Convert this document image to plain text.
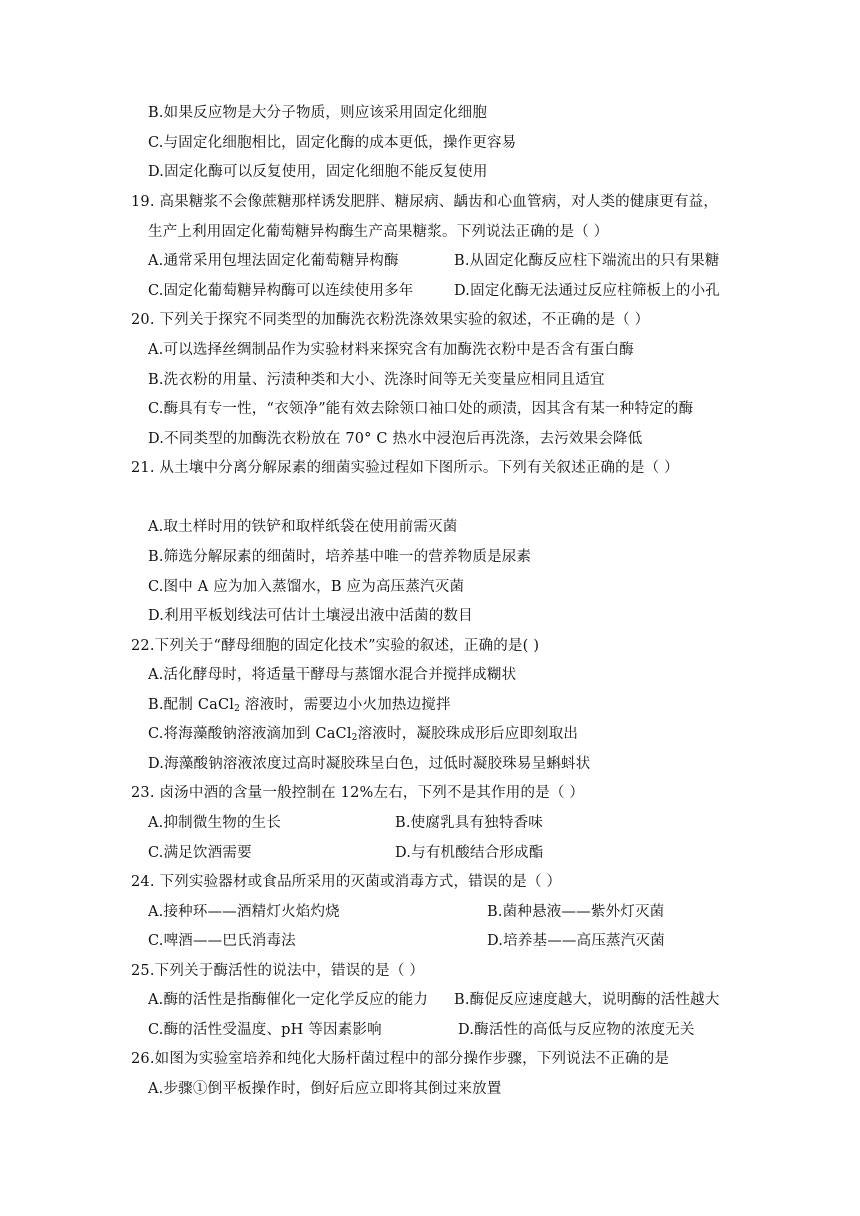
B.如果反应物是大分子物质，则应该采用固定化细胞
C.与固定化细胞相比，固定化酶的成本更低，操作更容易
D.固定化酶可以反复使用，固定化细胞不能反复使用
19. 高果糖浆不会像蔗糖那样诱发肥胖、糖尿病、龋齿和心血管病，对人类的健康更有益，
生产上利用固定化葡萄糖异构酶生产高果糖浆。下列说法正确的是（ ）
A.通常采用包埋法固定化葡萄糖异构酶	B.从固定化酶反应柱下端流出的只有果糖
C.固定化葡萄糖异构酶可以连续使用多年	D.固定化酶无法通过反应柱筛板上的小孔
20. 下列关于探究不同类型的加酶洗衣粉洗涤效果实验的叙述，不正确的是（ ）
A.可以选择丝绸制品作为实验材料来探究含有加酶洗衣粉中是否含有蛋白酶
B.洗衣粉的用量、污渍种类和大小、洗涤时间等无关变量应相同且适宜
C.酶具有专一性，“衣领净”能有效去除领口袖口处的顽渍，因其含有某一种特定的酶
D.不同类型的加酶洗衣粉放在 70° C 热水中浸泡后再洗涤，去污效果会降低
21. 从土壤中分离分解尿素的细菌实验过程如下图所示。下列有关叙述正确的是（ ）
A.取土样时用的铁铲和取样纸袋在使用前需灭菌
B.筛选分解尿素的细菌时，培养基中唯一的营养物质是尿素
C.图中 A 应为加入蒸馏水，B 应为高压蒸汽灭菌
D.利用平板划线法可估计土壤浸出液中活菌的数目
22.下列关于“酵母细胞的固定化技术”实验的叙述，正确的是( )
A.活化酵母时，将适量干酵母与蒸馏水混合并搅拌成糊状
B.配制 CaCl$_2$ 溶液时，需要边小火加热边搅拌
C.将海藻酸钠溶液滴加到 CaCl$_2$溶液时，凝胶珠成形后应即刻取出
D.海藻酸钠溶液浓度过高时凝胶珠呈白色，过低时凝胶珠易呈蝌蚪状
23. 卤汤中酒的含量一般控制在 12%左右，下列不是其作用的是（ ）
A.抑制微生物的生长	B.使腐乳具有独特香味
C.满足饮酒需要	D.与有机酸结合形成酯
24. 下列实验器材或食品所采用的灭菌或消毒方式，错误的是（ ）
A.接种环——酒精灯火焰灼烧	B.菌种悬液——紫外灯灭菌
C.啤酒——巴氏消毒法	D.培养基——高压蒸汽灭菌
25.下列关于酶活性的说法中，错误的是（ ）
A.酶的活性是指酶催化一定化学反应的能力 B.酶促反应速度越大，说明酶的活性越大
C.酶的活性受温度、pH 等因素影响	D.酶活性的高低与反应物的浓度无关
26.如图为实验室培养和纯化大肠杆菌过程中的部分操作步骤，下列说法不正确的是
A.步骤①倒平板操作时，倒好后应立即将其倒过来放置
